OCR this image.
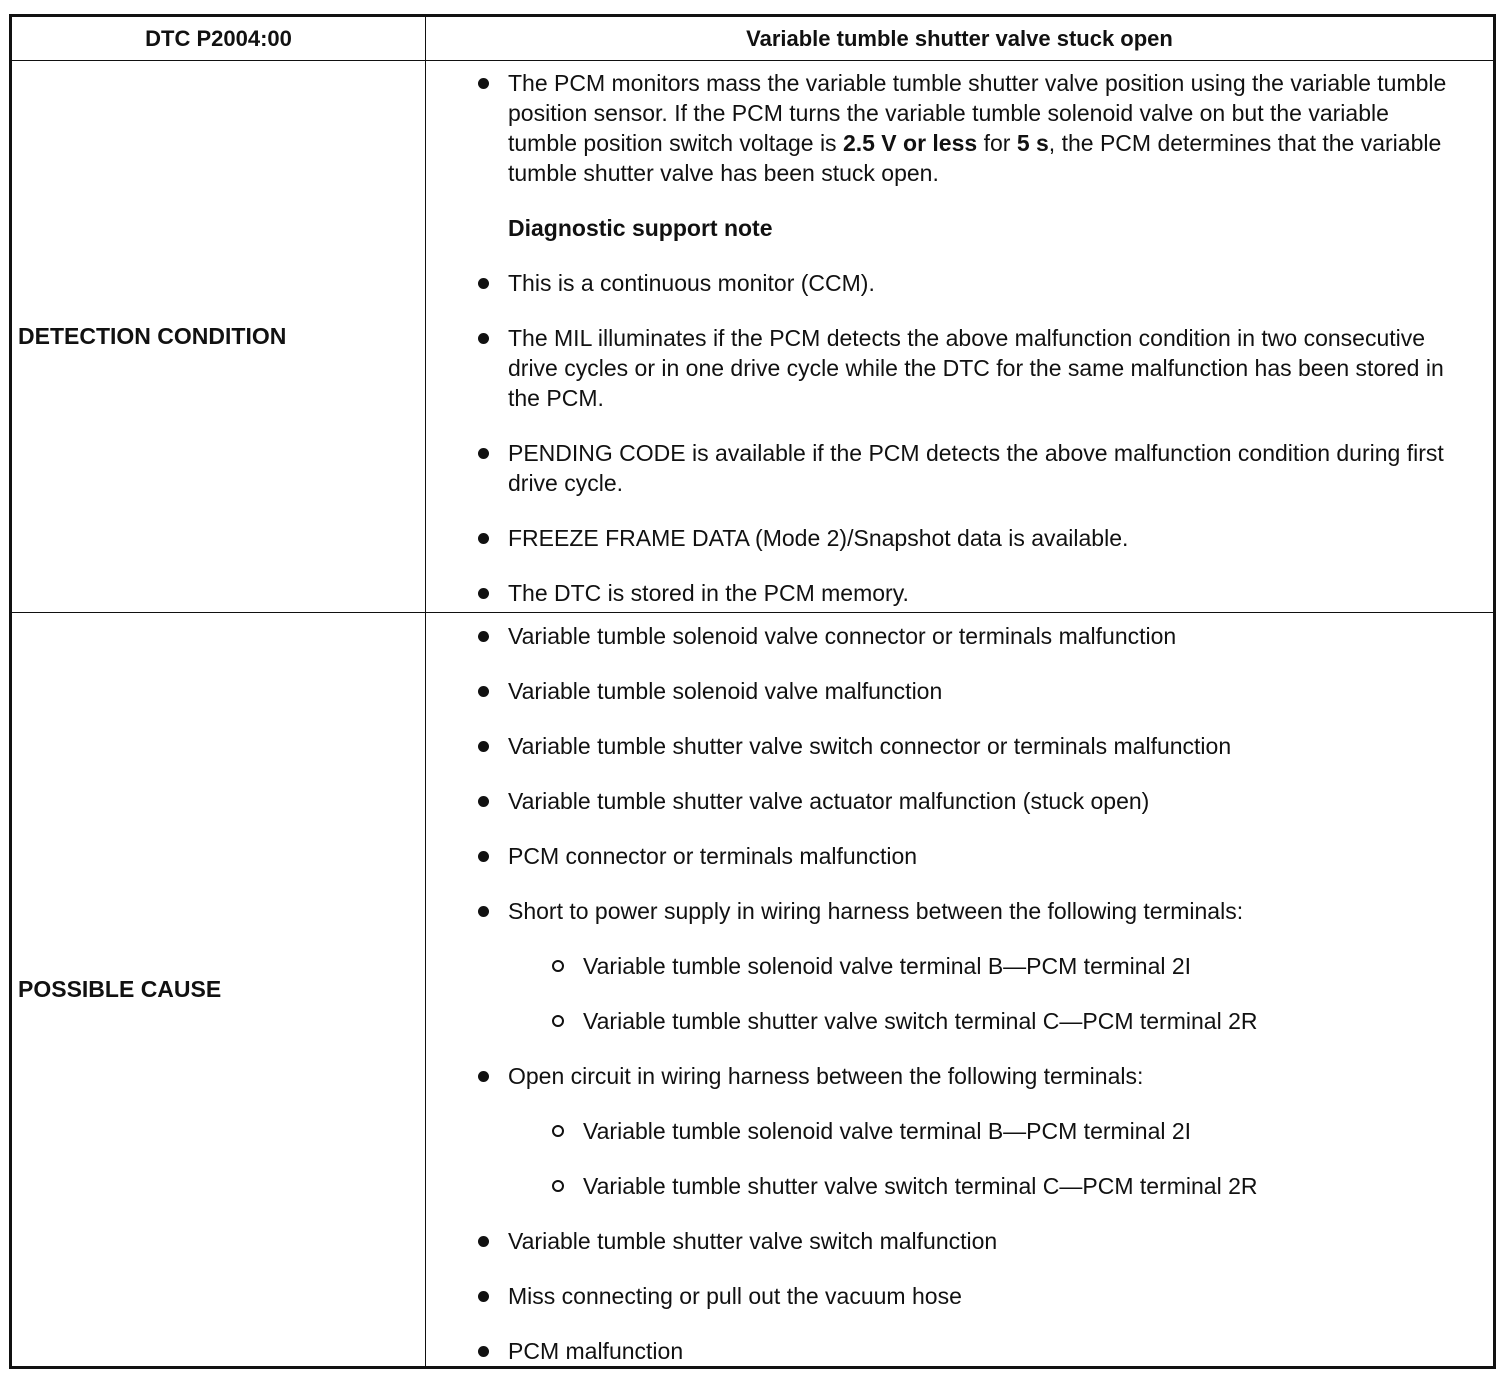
DTC P2004:00	Variable tumble shutter valve stuck open
DETECTION CONDITION
The PCM monitors mass the variable tumble shutter valve position using the variable tumble position sensor. If the PCM turns the variable tumble solenoid valve on but the variable tumble position switch voltage is 2.5 V or less for 5 s, the PCM determines that the variable tumble shutter valve has been stuck open.
Diagnostic support note
This is a continuous monitor (CCM).
The MIL illuminates if the PCM detects the above malfunction condition in two consecutive drive cycles or in one drive cycle while the DTC for the same malfunction has been stored in the PCM.
PENDING CODE is available if the PCM detects the above malfunction condition during first drive cycle.
FREEZE FRAME DATA (Mode 2)/Snapshot data is available.
The DTC is stored in the PCM memory.
POSSIBLE CAUSE
Variable tumble solenoid valve connector or terminals malfunction
Variable tumble solenoid valve malfunction
Variable tumble shutter valve switch connector or terminals malfunction
Variable tumble shutter valve actuator malfunction (stuck open)
PCM connector or terminals malfunction
Short to power supply in wiring harness between the following terminals:
Variable tumble solenoid valve terminal B—PCM terminal 2I
Variable tumble shutter valve switch terminal C—PCM terminal 2R
Open circuit in wiring harness between the following terminals:
Variable tumble solenoid valve terminal B—PCM terminal 2I
Variable tumble shutter valve switch terminal C—PCM terminal 2R
Variable tumble shutter valve switch malfunction
Miss connecting or pull out the vacuum hose
PCM malfunction
